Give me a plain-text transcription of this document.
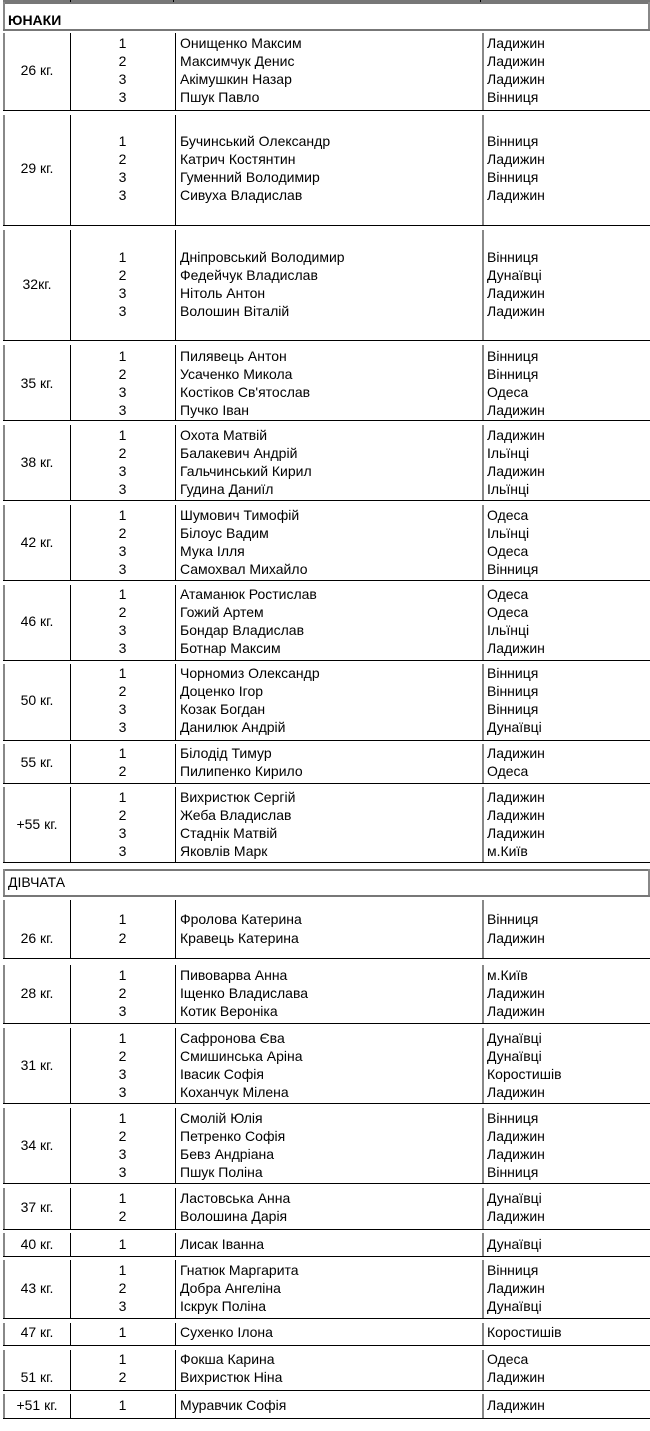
ЮНАКИ
26 кг.
1	Онищенко Максим	Ладижин
2	Максимчук Денис	Ладижин
3	Акімушкин Назар	Ладижин
3	Пшук Павло	Вінниця
29 кг.
1	Бучинський Олександр	Вінниця
2	Катрич Костянтин	Ладижин
3	Гуменний Володимир	Вінниця
3	Сивуха Владислав	Ладижин
32кг.
1	Дніпровський Володимир	Вінниця
2	Федейчук Владислав	Дунаївці
3	Нітоль Антон	Ладижин
3	Волошин Віталій	Ладижин
35 кг.
1	Пилявець Антон	Вінниця
2	Усаченко Микола	Вінниця
3	Костіков Св'ятослав	Одеса
3	Пучко Іван	Ладижин
38 кг.
1	Охота Матвій	Ладижин
2	Балакевич Андрій	Ільїнці
3	Гальчинський Кирил	Ладижин
3	Гудина Даниїл	Ільїнці
42 кг.
1	Шумович Тимофій	Одеса
2	Білоус Вадим	Ільїнці
3	Мука Ілля	Одеса
3	Самохвал Михайло	Вінниця
46 кг.
1	Атаманюк Ростислав	Одеса
2	Гожий Артем	Одеса
3	Бондар Владислав	Ільїнці
3	Ботнар Максим	Ладижин
50 кг.
1	Чорномиз Олександр	Вінниця
2	Доценко Ігор	Вінниця
3	Козак Богдан	Вінниця
3	Данилюк Андрій	Дунаївці
55 кг.
1	Білодід Тимур	Ладижин
2	Пилипенко Кирило	Одеса
+55 кг.
1	Вихристюк Сергій	Ладижин
2	Жеба Владислав	Ладижин
3	Стаднік Матвій	Ладижин
3	Яковлів Марк	м.Київ
ДІВЧАТА
26 кг.
1	Фролова Катерина	Вінниця
2	Кравець Катерина	Ладижин
28 кг.
1	Пивоварва Анна	м.Київ
2	Іщенко Владислава	Ладижин
3	Котик Вероніка	Ладижин
31 кг.
1	Сафронова Єва	Дунаївці
2	Смишинська Аріна	Дунаївці
3	Івасик Софія	Коростишів
3	Коханчук Мілена	Ладижин
34 кг.
1	Смолій Юлія	Вінниця
2	Петренко Софія	Ладижин
3	Бевз Андріана	Ладижин
3	Пшук Поліна	Вінниця
37 кг.
1	Ластовська Анна	Дунаївці
2	Волошина Дарія	Ладижин
40 кг.	1	Лисак Іванна	Дунаївці
43 кг.
1	Гнатюк Маргарита	Вінниця
2	Добра Ангеліна	Ладижин
3	Іскрук Поліна	Дунаївці
47 кг.	1	Сухенко Ілона	Коростишів
51 кг.
1	Фокша Карина	Одеса
2	Вихристюк Ніна	Ладижин
+51 кг.	1	Муравчик Софія	Ладижин
